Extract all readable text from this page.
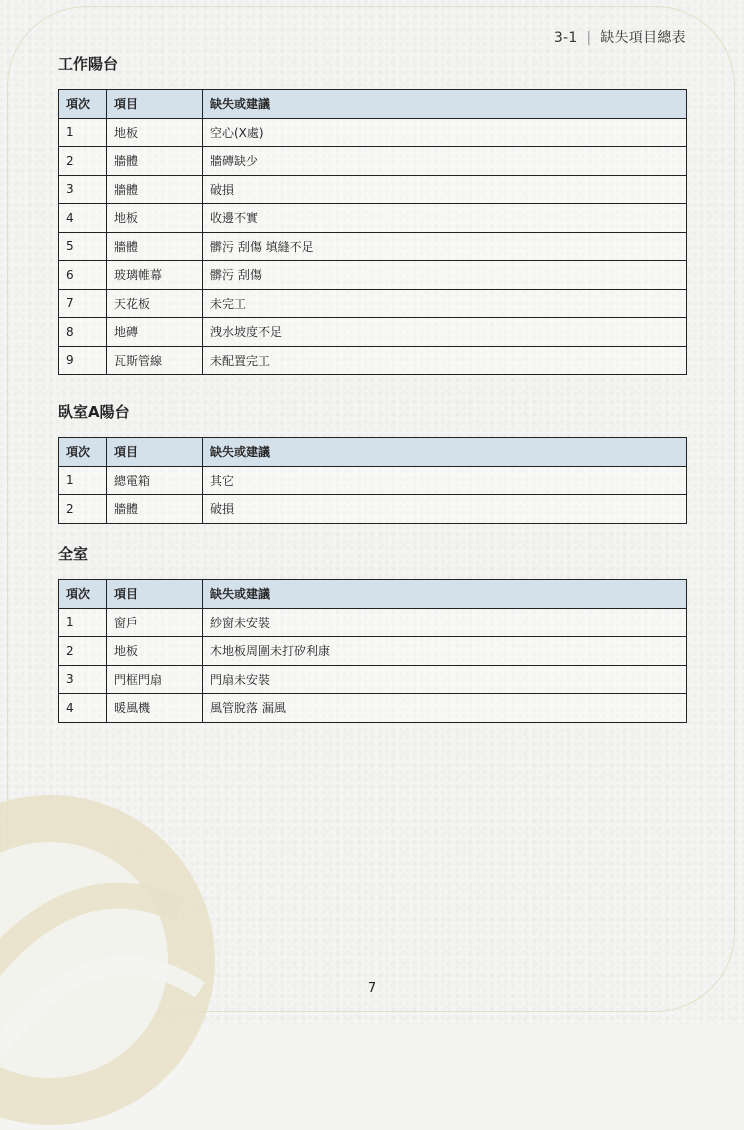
3-1 | 缺失項目總表
工作陽台
項次	項目	缺失或建議
1	地板	空心(X處)
2	牆體	牆磚缺少
3	牆體	破損
4	地板	收邊不實
5	牆體	髒污 刮傷 填縫不足
6	玻璃帷幕	髒污 刮傷
7	天花板	未完工
8	地磚	洩水坡度不足
9	瓦斯管線	未配置完工
臥室A陽台
項次	項目	缺失或建議
1	總電箱	其它
2	牆體	破損
全室
項次	項目	缺失或建議
1	窗戶	紗窗未安裝
2	地板	木地板周圍未打矽利康
3	門框門扇	門扇未安裝
4	暖風機	風管脫落 漏風
7
